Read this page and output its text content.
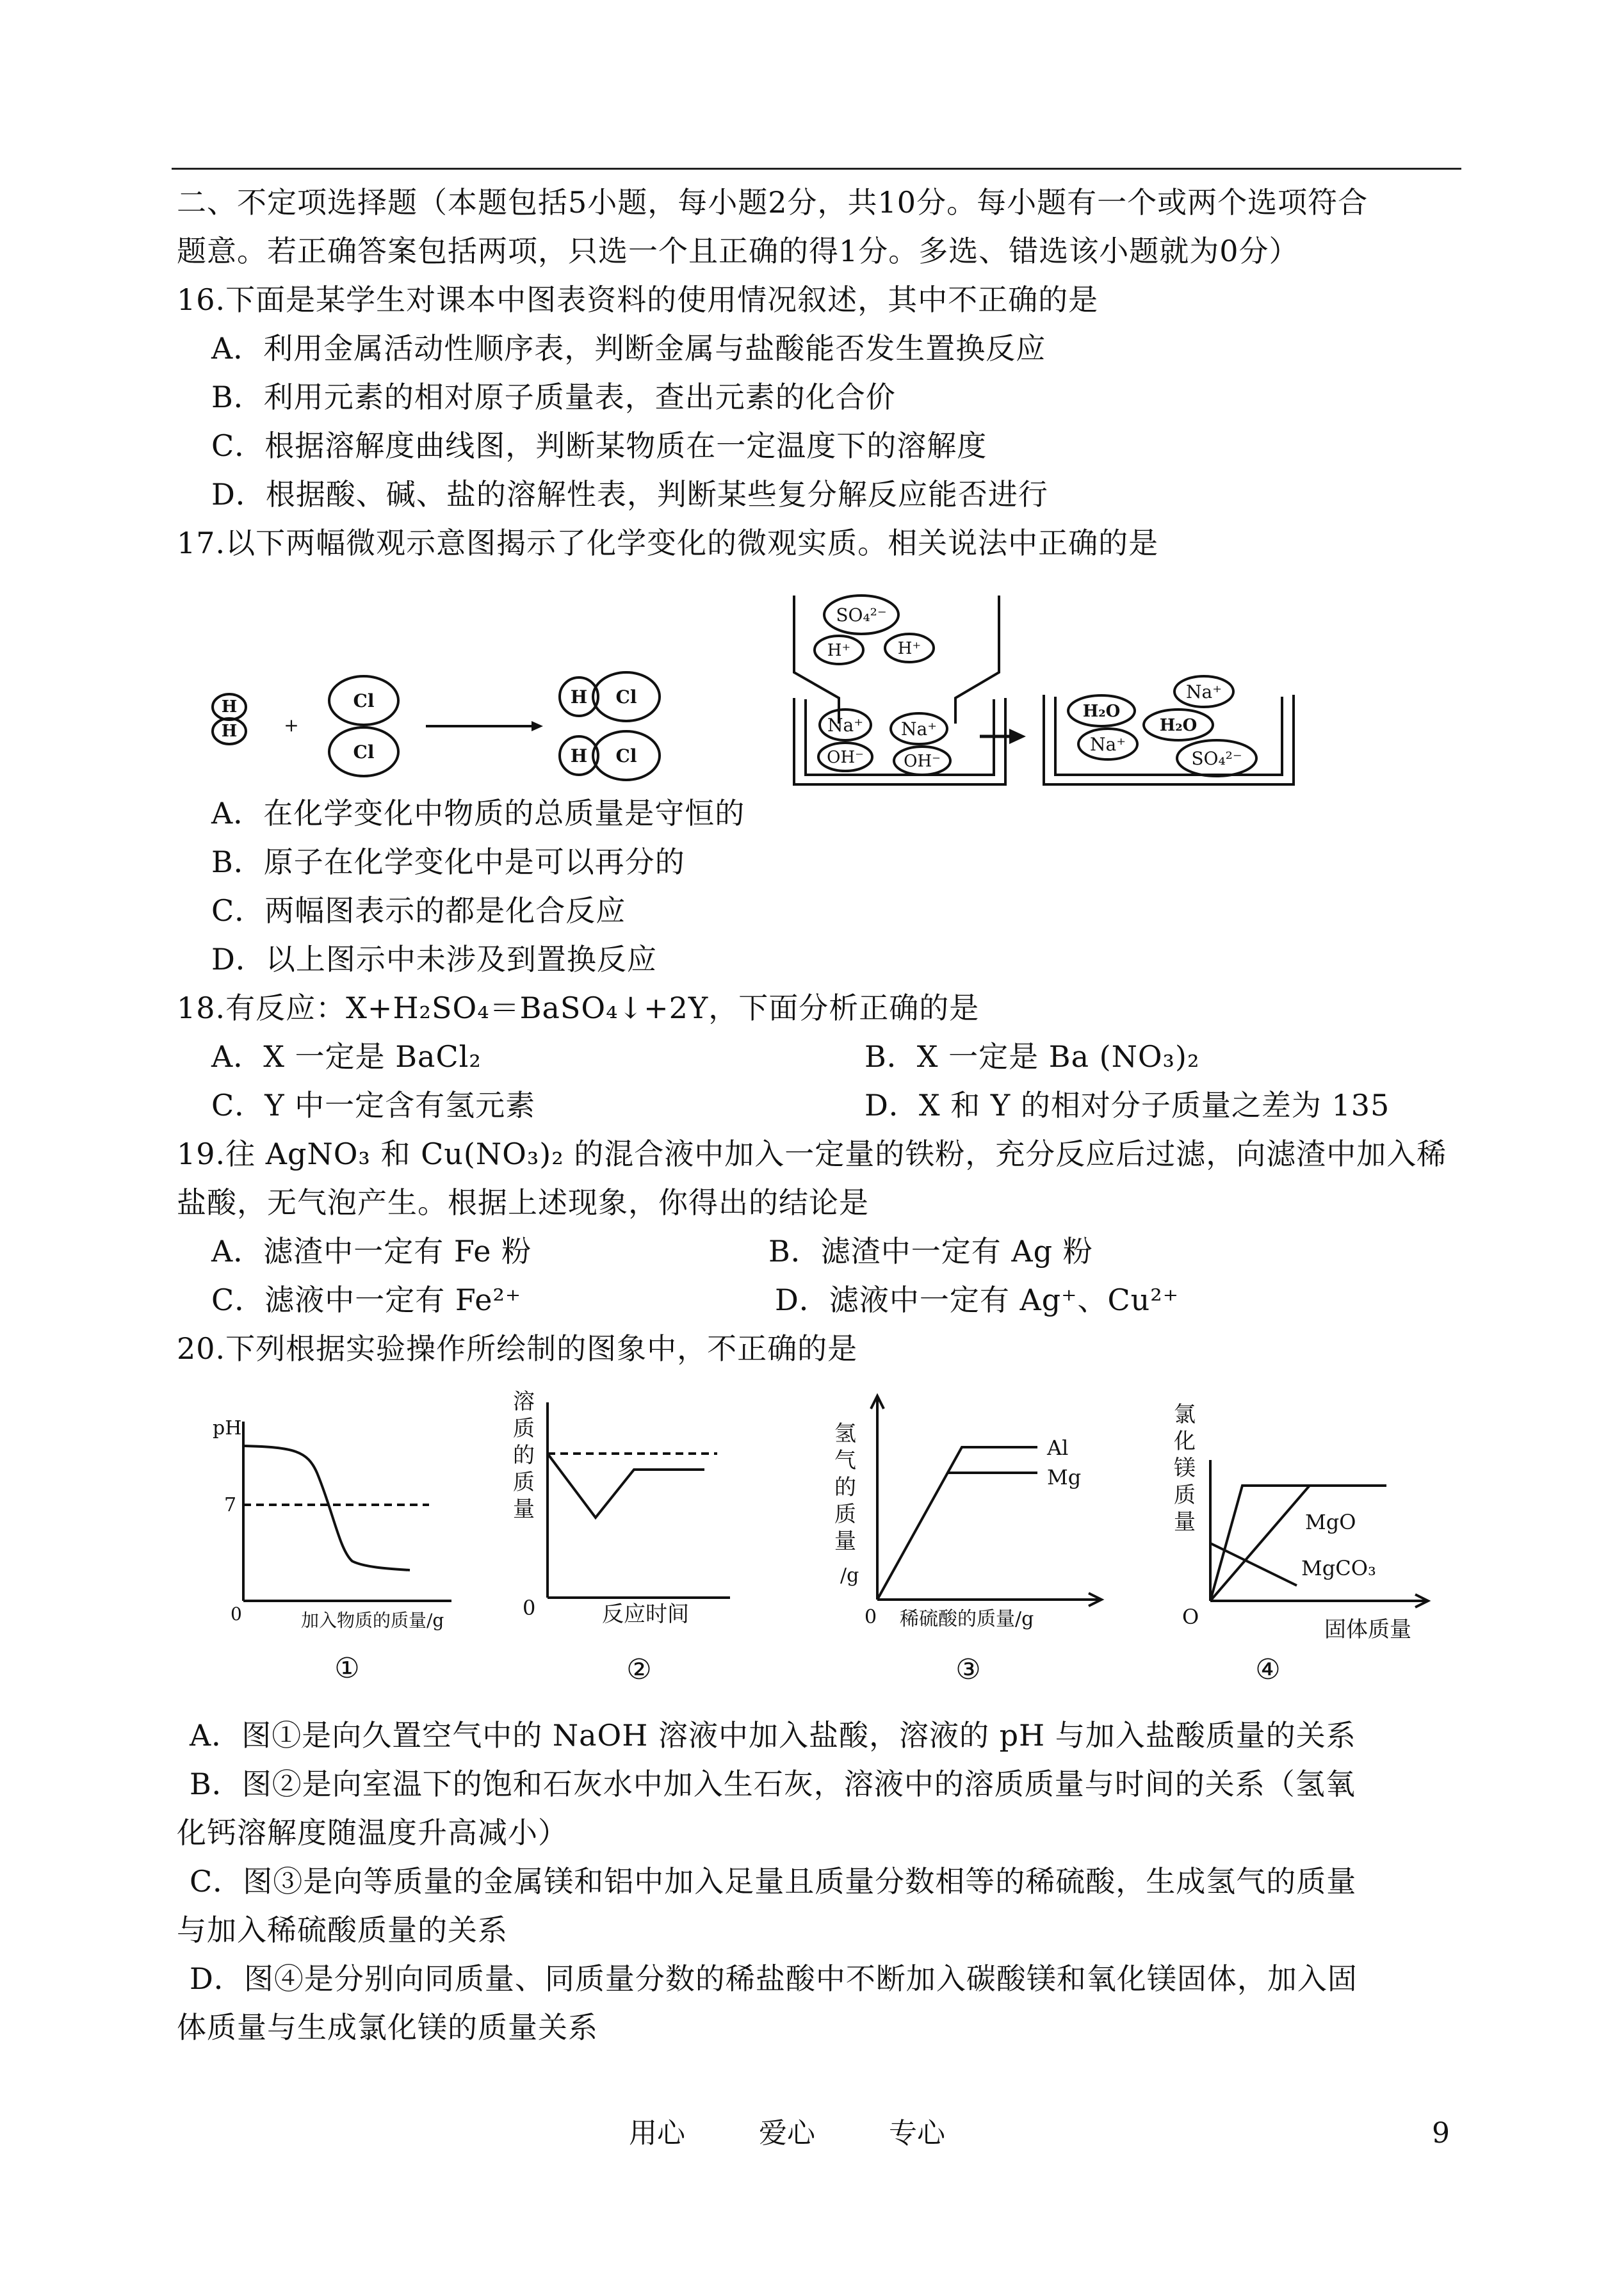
二、不定项选择题（本题包括5小题，每小题2分，共10分。每小题有一个或两个选项符合
题意。若正确答案包括两项，只选一个且正确的得1分。多选、错选该小题就为0分）
16.下面是某学生对课本中图表资料的使用情况叙述，其中不正确的是
A．利用金属活动性顺序表，判断金属与盐酸能否发生置换反应
B．利用元素的相对原子质量表，查出元素的化合价
C．根据溶解度曲线图，判断某物质在一定温度下的溶解度
D．根据酸、碱、盐的溶解性表，判断某些复分解反应能否进行
17.以下两幅微观示意图揭示了化学变化的微观实质。相关说法中正确的是
H
H	+
Cl
Cl
H Cl
H Cl
SO₄²⁻
H⁺	H⁺
Na⁺ Na⁺
OH⁻ OH⁻
H₂O
Na⁺
H₂O
Na⁺
SO₄²⁻
A．在化学变化中物质的总质量是守恒的
B．原子在化学变化中是可以再分的
C．两幅图表示的都是化合反应
D．以上图示中未涉及到置换反应
18.有反应：X+H₂SO₄＝BaSO₄↓+2Y，下面分析正确的是
A．X 一定是 BaCl₂	B．X 一定是 Ba (NO₃)₂
C．Y 中一定含有氢元素	D．X 和 Y 的相对分子质量之差为 135
19.往 AgNO₃ 和 Cu(NO₃)₂ 的混合液中加入一定量的铁粉，充分反应后过滤，向滤渣中加入稀
盐酸，无气泡产生。根据上述现象，你得出的结论是
A．滤渣中一定有 Fe 粉	B．滤渣中一定有 Ag 粉
C．滤液中一定有 Fe²⁺	D．滤液中一定有 Ag⁺、Cu²⁺
20.下列根据实验操作所绘制的图象中，不正确的是
pH
7
0	加入物质的质量/g
①
溶
质
的
质
量
0	反应时间
②
氢
气
的
质
量
/g
Al
Mg
0 稀硫酸的质量/g
③
氯
化
镁
质
量	MgO
MgCO₃
O	固体质量
④
A．图①是向久置空气中的 NaOH 溶液中加入盐酸，溶液的 pH 与加入盐酸质量的关系
B．图②是向室温下的饱和石灰水中加入生石灰，溶液中的溶质质量与时间的关系（氢氧
化钙溶解度随温度升高减小）
C．图③是向等质量的金属镁和铝中加入足量且质量分数相等的稀硫酸，生成氢气的质量
与加入稀硫酸质量的关系
D．图④是分别向同质量、同质量分数的稀盐酸中不断加入碳酸镁和氧化镁固体，加入固
体质量与生成氯化镁的质量关系
用心	爱心	专心	9
